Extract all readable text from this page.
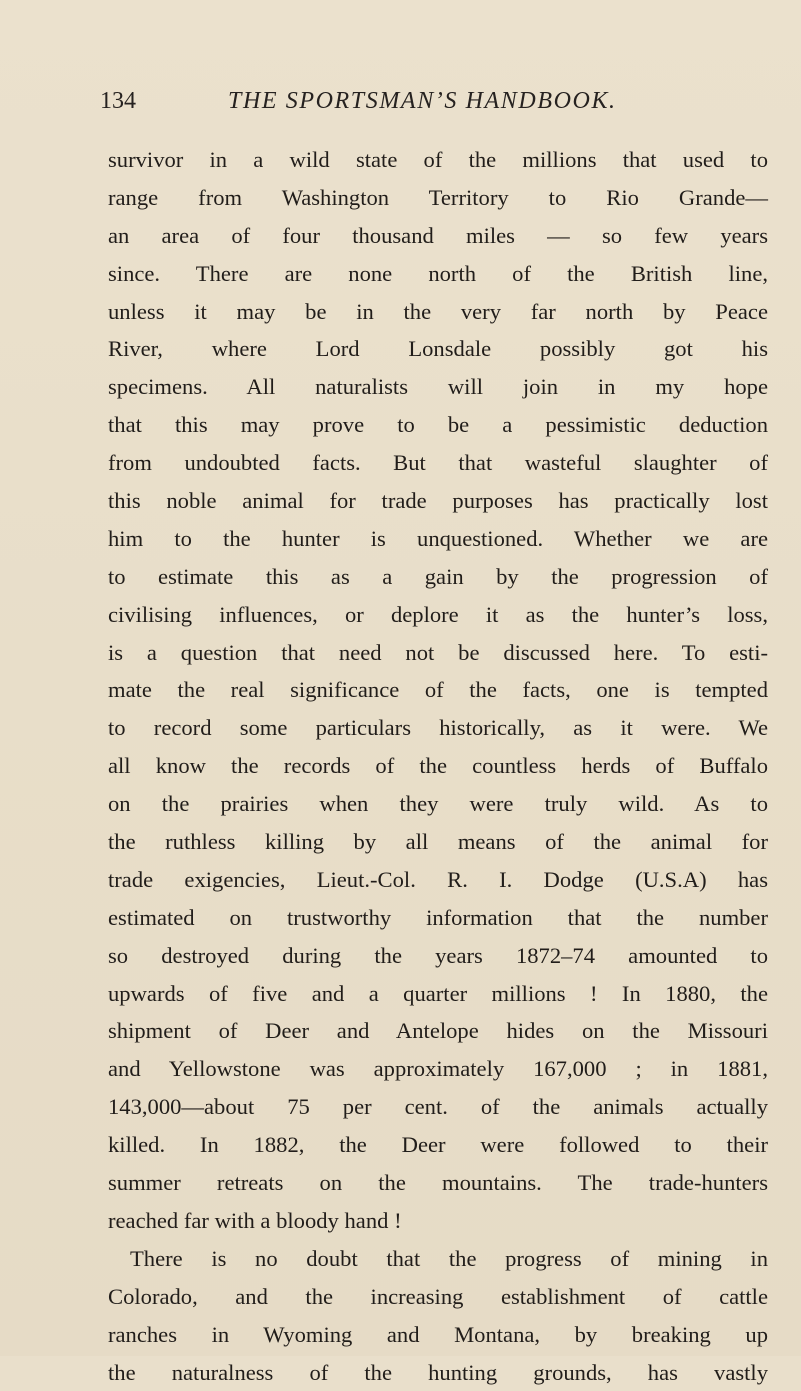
134	THE SPORTSMAN’S HANDBOOK.
survivor in a wild state of the millions that used to
range from Washington Territory to Rio Grande—
an area of four thousand miles — so few years
since. There are none north of the British line,
unless it may be in the very far north by Peace
River, where Lord Lonsdale possibly got his
specimens. All naturalists will join in my hope
that this may prove to be a pessimistic deduction
from undoubted facts. But that wasteful slaughter of
this noble animal for trade purposes has practically lost
him to the hunter is unquestioned. Whether we are
to estimate this as a gain by the progression of
civilising influences, or deplore it as the hunter’s loss,
is a question that need not be discussed here. To esti-
mate the real significance of the facts, one is tempted
to record some particulars historically, as it were. We
all know the records of the countless herds of Buffalo
on the prairies when they were truly wild. As to
the ruthless killing by all means of the animal for
trade exigencies, Lieut.-Col. R. I. Dodge (U.S.A) has
estimated on trustworthy information that the number
so destroyed during the years 1872–74 amounted to
upwards of five and a quarter millions ! In 1880, the
shipment of Deer and Antelope hides on the Missouri
and Yellowstone was approximately 167,000 ; in 1881,
143,000—about 75 per cent. of the animals actually
killed. In 1882, the Deer were followed to their
summer retreats on the mountains. The trade-hunters
reached far with a bloody hand !
There is no doubt that the progress of mining in
Colorado, and the increasing establishment of cattle
ranches in Wyoming and Montana, by breaking up
the naturalness of the hunting grounds, has vastly
